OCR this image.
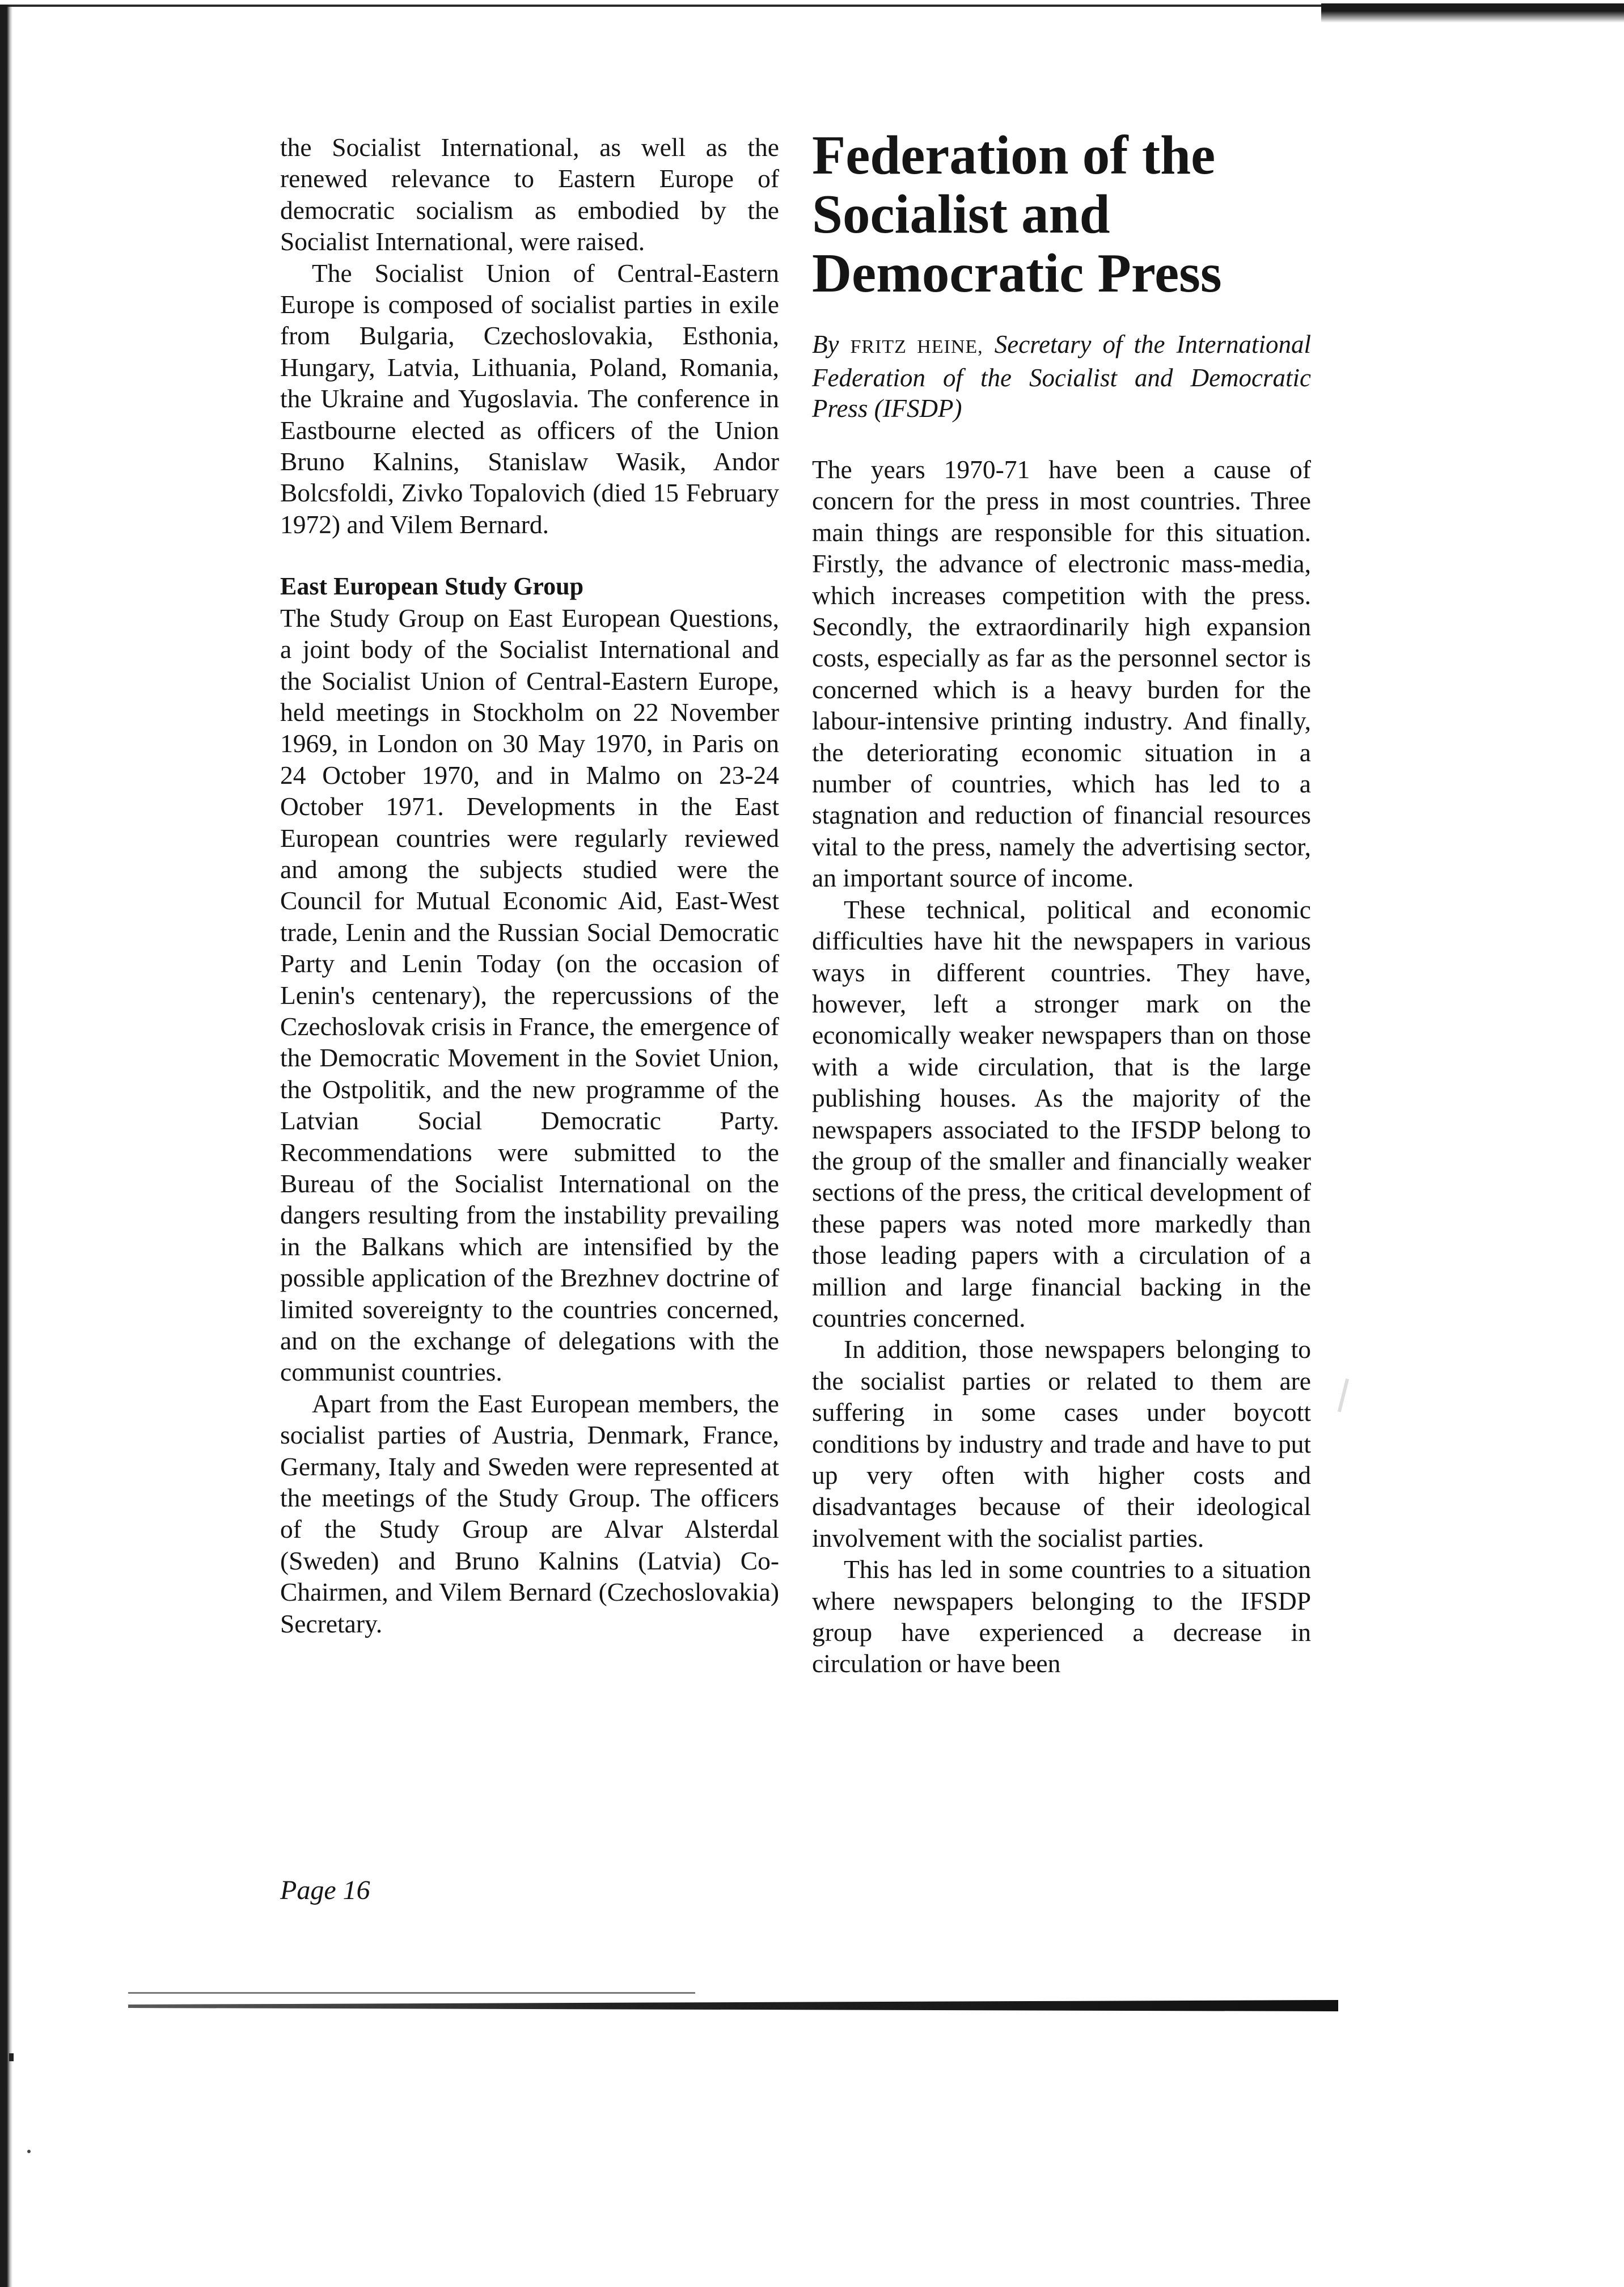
the Socialist International, as well as the renewed relevance to Eastern Europe of democratic socialism as embodied by the Socialist International, were raised.

The Socialist Union of Central-Eastern Europe is composed of socialist parties in exile from Bulgaria, Czechoslovakia, Esthonia, Hungary, Latvia, Lithuania, Poland, Romania, the Ukraine and Yugoslavia. The conference in Eastbourne elected as officers of the Union Bruno Kalnins, Stanislaw Wasik, Andor Bolcsfoldi, Zivko Topalovich (died 15 February 1972) and Vilem Bernard.

East European Study Group

The Study Group on East European Questions, a joint body of the Socialist International and the Socialist Union of Central-Eastern Europe, held meetings in Stockholm on 22 November 1969, in London on 30 May 1970, in Paris on 24 October 1970, and in Malmo on 23-24 October 1971. Developments in the East European countries were regularly reviewed and among the subjects studied were the Council for Mutual Economic Aid, East-West trade, Lenin and the Russian Social Democratic Party and Lenin Today (on the occasion of Lenin's centenary), the repercussions of the Czechoslovak crisis in France, the emergence of the Democratic Movement in the Soviet Union, the Ostpolitik, and the new programme of the Latvian Social Democratic Party. Recommendations were submitted to the Bureau of the Socialist International on the dangers resulting from the instability prevailing in the Balkans which are intensified by the possible application of the Brezhnev doctrine of limited sovereignty to the countries concerned, and on the exchange of delegations with the communist countries.

Apart from the East European members, the socialist parties of Austria, Denmark, France, Germany, Italy and Sweden were represented at the meetings of the Study Group. The officers of the Study Group are Alvar Alsterdal (Sweden) and Bruno Kalnins (Latvia) Co-Chairmen, and Vilem Bernard (Czechoslovakia) Secretary.

Federation of the
Socialist and
Democratic Press
By FRITZ HEINE, Secretary of the International Federation of the Socialist and Democratic Press (IFSDP)

The years 1970-71 have been a cause of concern for the press in most countries. Three main things are responsible for this situation. Firstly, the advance of electronic mass-media, which increases competition with the press. Secondly, the extraordinarily high expansion costs, especially as far as the personnel sector is concerned which is a heavy burden for the labour-intensive printing industry. And finally, the deteriorating economic situation in a number of countries, which has led to a stagnation and reduction of financial resources vital to the press, namely the advertising sector, an important source of income.

These technical, political and economic difficulties have hit the newspapers in various ways in different countries. They have, however, left a stronger mark on the economically weaker newspapers than on those with a wide circulation, that is the large publishing houses. As the majority of the newspapers associated to the IFSDP belong to the group of the smaller and financially weaker sections of the press, the critical development of these papers was noted more markedly than those leading papers with a circulation of a million and large financial backing in the countries concerned.

In addition, those newspapers belonging to the socialist parties or related to them are suffering in some cases under boycott conditions by industry and trade and have to put up very often with higher costs and disadvantages because of their ideological involvement with the socialist parties.

This has led in some countries to a situation where newspapers belonging to the IFSDP group have experienced a decrease in circulation or have been

Page 16
